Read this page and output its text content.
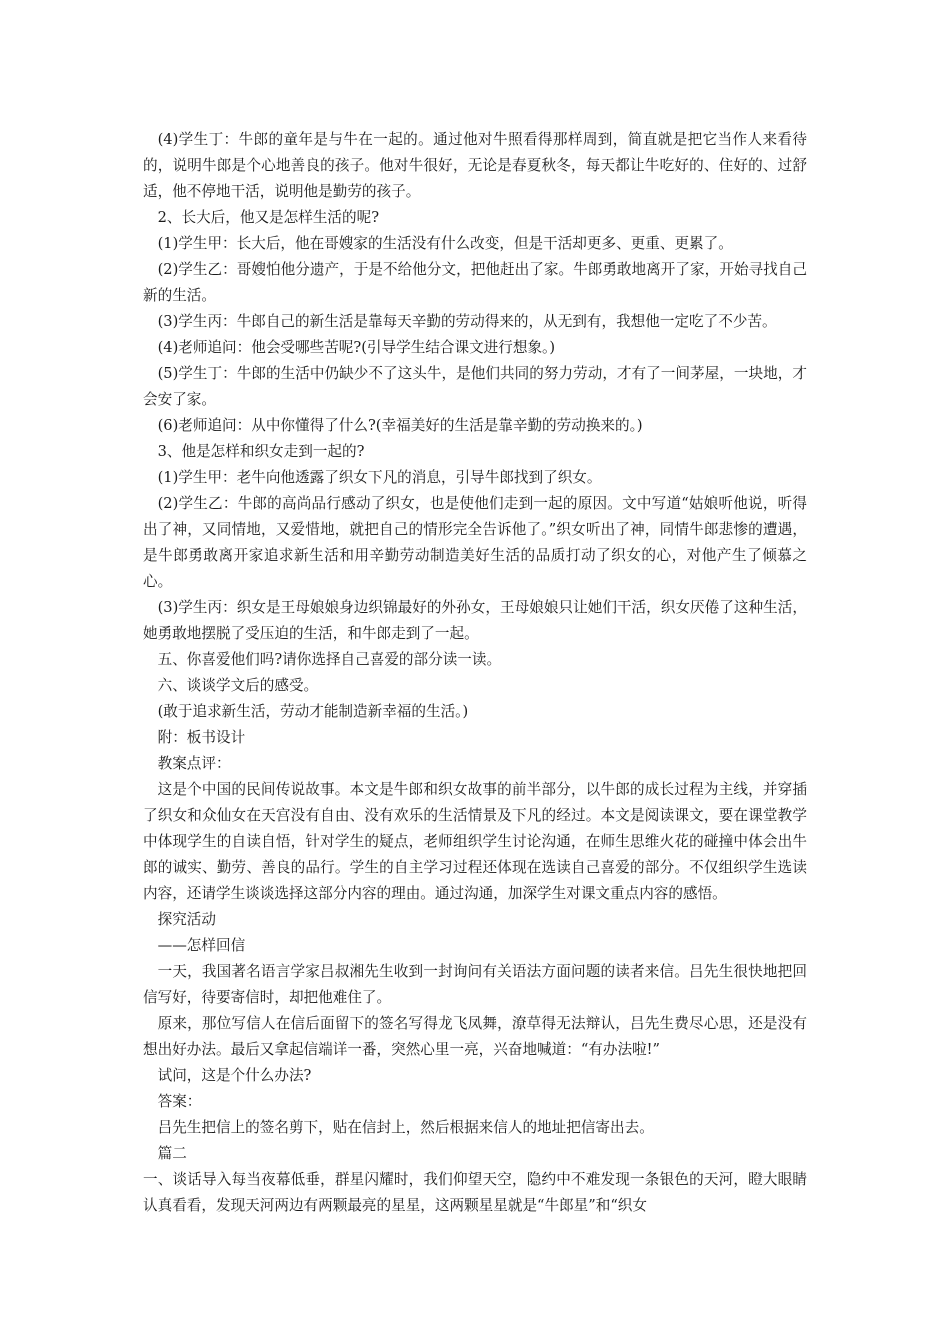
(4)学生丁：牛郎的童年是与牛在一起的。通过他对牛照看得那样周到，简直就是把它当作人来看待的，说明牛郎是个心地善良的孩子。他对牛很好，无论是春夏秋冬，每天都让牛吃好的、住好的、过舒适，他不停地干活，说明他是勤劳的孩子。

2、长大后，他又是怎样生活的呢?

(1)学生甲：长大后，他在哥嫂家的生活没有什么改变，但是干活却更多、更重、更累了。

(2)学生乙：哥嫂怕他分遗产，于是不给他分文，把他赶出了家。牛郎勇敢地离开了家，开始寻找自己新的生活。

(3)学生丙：牛郎自己的新生活是靠每天辛勤的劳动得来的，从无到有，我想他一定吃了不少苦。

(4)老师追问：他会受哪些苦呢?(引导学生结合课文进行想象。)

(5)学生丁：牛郎的生活中仍缺少不了这头牛，是他们共同的努力劳动，才有了一间茅屋，一块地，才会安了家。

(6)老师追问：从中你懂得了什么?(幸福美好的生活是靠辛勤的劳动换来的。)

3、他是怎样和织女走到一起的?

(1)学生甲：老牛向他透露了织女下凡的消息，引导牛郎找到了织女。

(2)学生乙：牛郎的高尚品行感动了织女，也是使他们走到一起的原因。文中写道“姑娘听他说，听得出了神，又同情地，又爱惜地，就把自己的情形完全告诉他了。”织女听出了神，同情牛郎悲惨的遭遇，是牛郎勇敢离开家追求新生活和用辛勤劳动制造美好生活的品质打动了织女的心，对他产生了倾慕之心。

(3)学生丙：织女是王母娘娘身边织锦最好的外孙女，王母娘娘只让她们干活，织女厌倦了这种生活，她勇敢地摆脱了受压迫的生活，和牛郎走到了一起。

五、你喜爱他们吗?请你选择自己喜爱的部分读一读。

六、谈谈学文后的感受。

(敢于追求新生活，劳动才能制造新幸福的生活。)

附：板书设计

教案点评：

这是个中国的民间传说故事。本文是牛郎和织女故事的前半部分，以牛郎的成长过程为主线，并穿插了织女和众仙女在天宫没有自由、没有欢乐的生活情景及下凡的经过。本文是阅读课文，要在课堂教学中体现学生的自读自悟，针对学生的疑点，老师组织学生讨论沟通，在师生思维火花的碰撞中体会出牛郎的诚实、勤劳、善良的品行。学生的自主学习过程还体现在选读自己喜爱的部分。不仅组织学生选读内容，还请学生谈谈选择这部分内容的理由。通过沟通，加深学生对课文重点内容的感悟。

探究活动

——怎样回信

一天，我国著名语言学家吕叔湘先生收到一封询问有关语法方面问题的读者来信。吕先生很快地把回信写好，待要寄信时，却把他难住了。

原来，那位写信人在信后面留下的签名写得龙飞凤舞，潦草得无法辩认，吕先生费尽心思，还是没有想出好办法。最后又拿起信端详一番，突然心里一亮，兴奋地喊道：“有办法啦!”

试问，这是个什么办法?

答案：

吕先生把信上的签名剪下，贴在信封上，然后根据来信人的地址把信寄出去。

篇二

一、谈话导入每当夜幕低垂，群星闪耀时，我们仰望天空，隐约中不难发现一条银色的天河，瞪大眼睛认真看看，发现天河两边有两颗最亮的星星，这两颗星星就是“牛郎星”和“织女
